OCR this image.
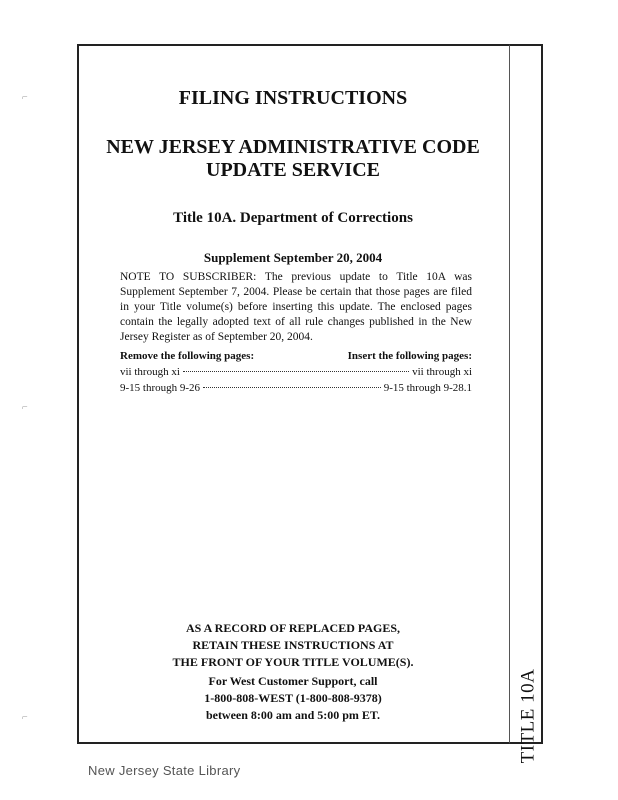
TITLE 10A
FILING INSTRUCTIONS
NEW JERSEY ADMINISTRATIVE CODE
UPDATE SERVICE
Title 10A. Department of Corrections
Supplement September 20, 2004
NOTE TO SUBSCRIBER: The previous update to Title 10A was Supplement September 7, 2004. Please be certain that those pages are filed in your Title volume(s) before inserting this update. The enclosed pages contain the legally adopted text of all rule changes published in the New Jersey Register as of September 20, 2004.
Remove the following pages:	Insert the following pages:
vii through xi	vii through xi
9-15 through 9-26	9-15 through 9-28.1
AS A RECORD OF REPLACED PAGES,
RETAIN THESE INSTRUCTIONS AT
THE FRONT OF YOUR TITLE VOLUME(S).
For West Customer Support, call
1-800-808-WEST (1-800-808-9378)
between 8:00 am and 5:00 pm ET.
New Jersey State Library
⌐
⌐
⌐
